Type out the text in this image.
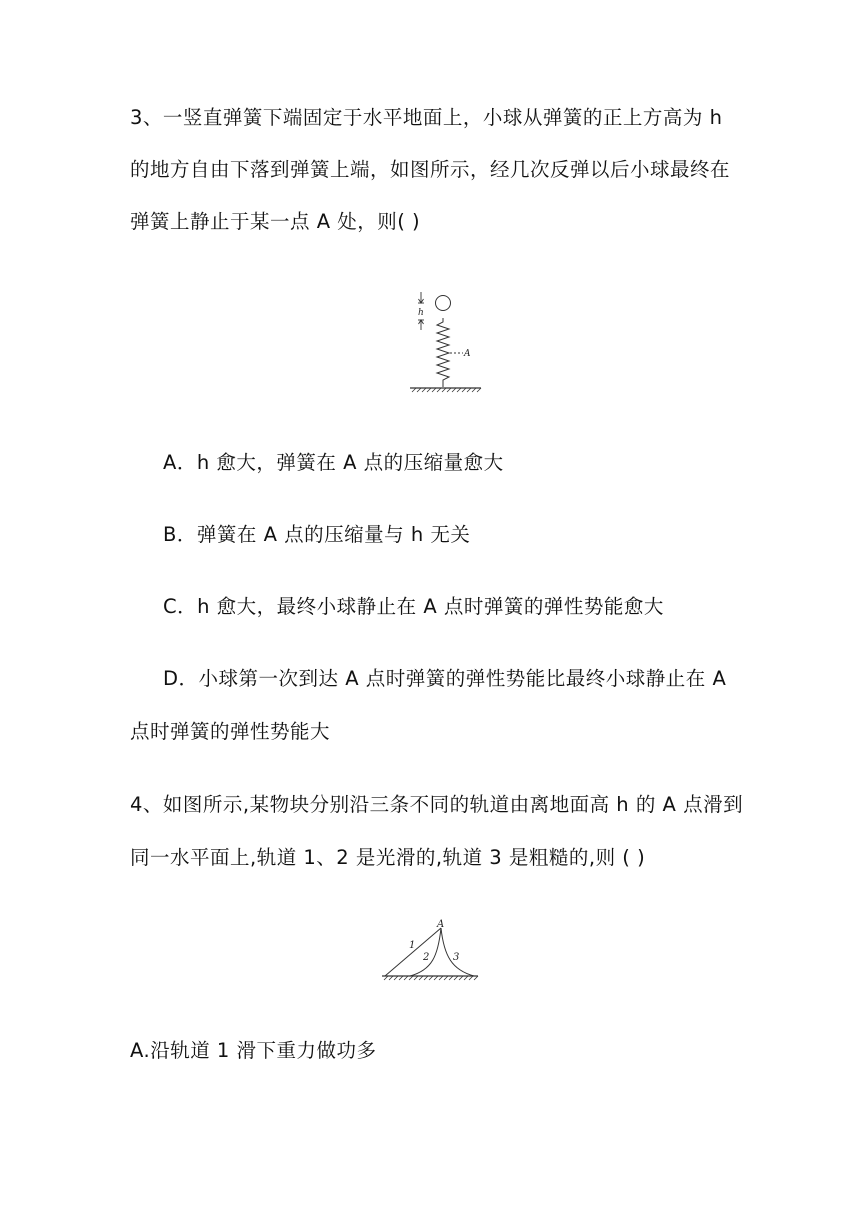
3、一竖直弹簧下端固定于水平地面上，小球从弹簧的正上方高为 h
的地方自由下落到弹簧上端，如图所示，经几次反弹以后小球最终在
弹簧上静止于某一点 A 处，则( )
h
A
A．h 愈大，弹簧在 A 点的压缩量愈大
B．弹簧在 A 点的压缩量与 h 无关
C．h 愈大，最终小球静止在 A 点时弹簧的弹性势能愈大
D．小球第一次到达 A 点时弹簧的弹性势能比最终小球静止在 A
点时弹簧的弹性势能大
4、如图所示,某物块分别沿三条不同的轨道由离地面高 h 的 A 点滑到
同一水平面上,轨道 1、2 是光滑的,轨道 3 是粗糙的,则 ( )
A
1
2 3
A.沿轨道 1 滑下重力做功多
